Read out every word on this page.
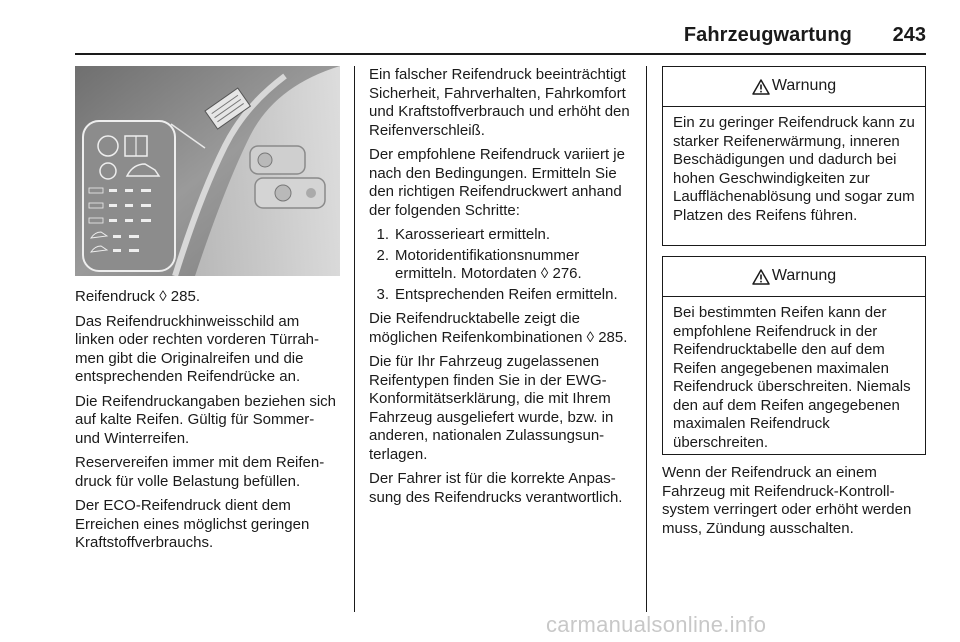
Fahrzeugwartung 243

Reifendruck ◊ 285.

Das Reifendruckhinweisschild am linken oder rechten vorderen Türrahmen gibt die Originalreifen und die entsprechenden Reifendrücke an.

Die Reifendruckangaben beziehen sich auf kalte Reifen. Gültig für Sommer- und Winterreifen.

Reservereifen immer mit dem Reifendruck für volle Belastung befüllen.

Der ECO-Reifendruck dient dem Erreichen eines möglichst geringen Kraftstoffverbrauchs.

Ein falscher Reifendruck beeinträchtigt Sicherheit, Fahrverhalten, Fahrkomfort und Kraftstoffverbrauch und erhöht den Reifenverschleiß.

Der empfohlene Reifendruck variiert je nach den Bedingungen. Ermitteln Sie den richtigen Reifendruckwert anhand der folgenden Schritte:

1. Karosserieart ermitteln.
2. Motoridentifikationsnummer ermitteln. Motordaten ◊ 276.
3. Entsprechenden Reifen ermitteln.

Die Reifendrucktabelle zeigt die möglichen Reifenkombinationen ◊ 285.

Die für Ihr Fahrzeug zugelassenen Reifentypen finden Sie in der EWG-Konformitätserklärung, die mit Ihrem Fahrzeug ausgeliefert wurde, bzw. in anderen, nationalen Zulassungsunterlagen.

Der Fahrer ist für die korrekte Anpassung des Reifendrucks verantwortlich.

Warnung
Ein zu geringer Reifendruck kann zu starker Reifenerwärmung, inneren Beschädigungen und dadurch bei hohen Geschwindigkeiten zur Laufflächenablösung und sogar zum Platzen des Reifens führen.
Warnung
Bei bestimmten Reifen kann der empfohlene Reifendruck in der Reifendrucktabelle den auf dem Reifen angegebenen maximalen Reifendruck überschreiten. Niemals den auf dem Reifen angegebenen maximalen Reifendruck überschreiten.

Wenn der Reifendruck an einem Fahrzeug mit Reifendruck-Kontrollsystem verringert oder erhöht werden muss, Zündung ausschalten.

carmanualsonline.info
